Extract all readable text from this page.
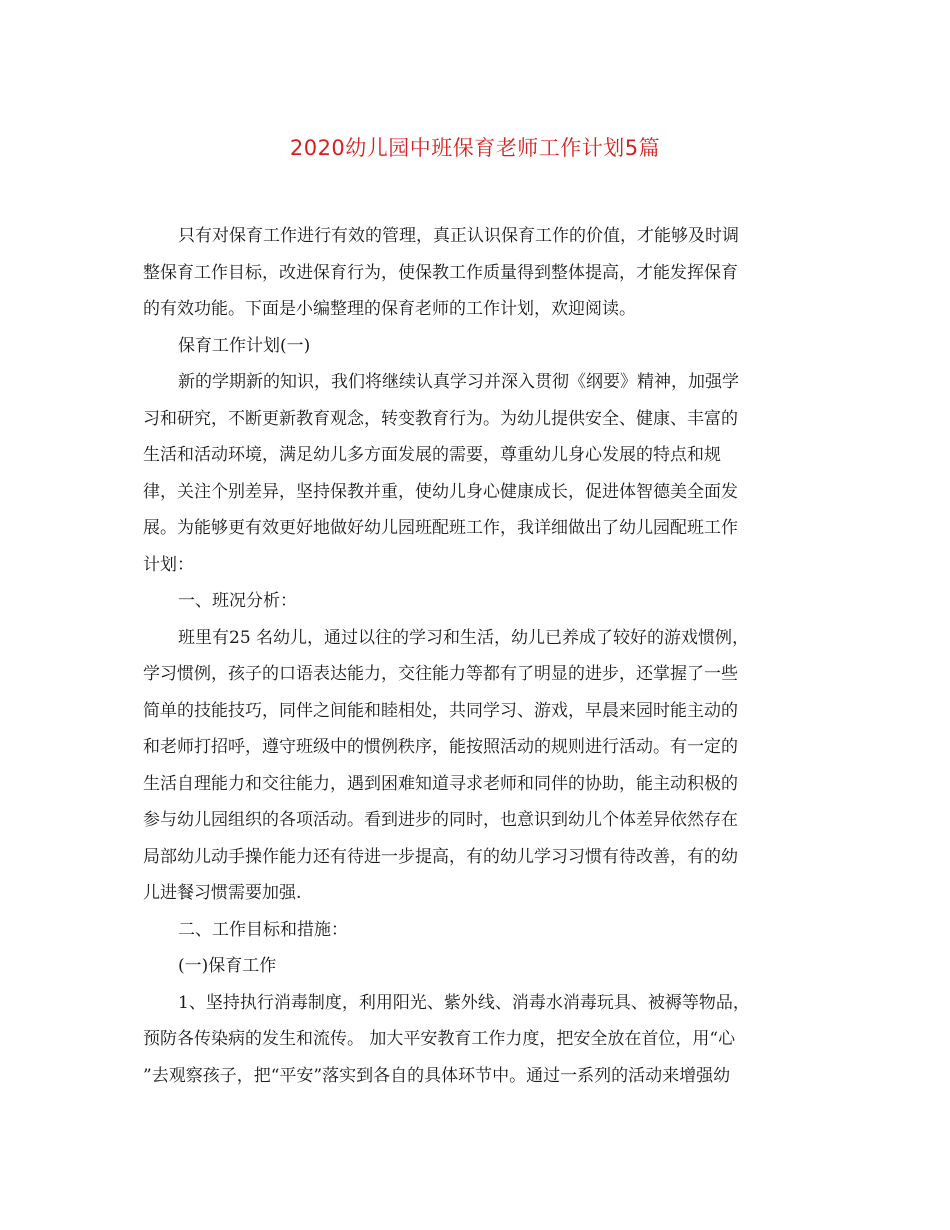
2020幼儿园中班保育老师工作计划5篇
只有对保育工作进行有效的管理，真正认识保育工作的价值，才能够及时调
整保育工作目标，改进保育行为，使保教工作质量得到整体提高，才能发挥保育
的有效功能。下面是小编整理的保育老师的工作计划，欢迎阅读。
保育工作计划(一)
新的学期新的知识，我们将继续认真学习并深入贯彻《纲要》精神，加强学
习和研究，不断更新教育观念，转变教育行为。为幼儿提供安全、健康、丰富的
生活和活动环境，满足幼儿多方面发展的需要，尊重幼儿身心发展的特点和规
律，关注个别差异，坚持保教并重，使幼儿身心健康成长，促进体智德美全面发
展。为能够更有效更好地做好幼儿园班配班工作，我详细做出了幼儿园配班工作
计划：
一、班况分析：
班里有25 名幼儿，通过以往的学习和生活，幼儿已养成了较好的游戏惯例，
学习惯例，孩子的口语表达能力，交往能力等都有了明显的进步，还掌握了一些
简单的技能技巧，同伴之间能和睦相处，共同学习、游戏，早晨来园时能主动的
和老师打招呼，遵守班级中的惯例秩序，能按照活动的规则进行活动。有一定的
生活自理能力和交往能力，遇到困难知道寻求老师和同伴的协助，能主动积极的
参与幼儿园组织的各项活动。看到进步的同时，也意识到幼儿个体差异依然存在
局部幼儿动手操作能力还有待进一步提高，有的幼儿学习习惯有待改善，有的幼
儿进餐习惯需要加强.
二、工作目标和措施：
(一)保育工作
1、坚持执行消毒制度，利用阳光、紫外线、消毒水消毒玩具、被褥等物品，
预防各传染病的发生和流传。 加大平安教育工作力度，把安全放在首位，用“心
”去观察孩子，把“平安”落实到各自的具体环节中。通过一系列的活动来增强幼
